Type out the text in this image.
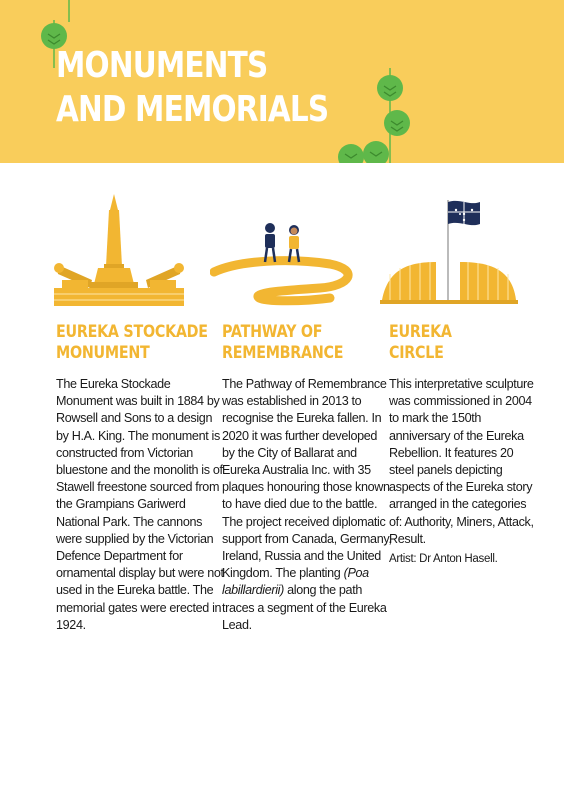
MONUMENTS
AND MEMORIALS
EUREKA STOCKADE
MONUMENT

The Eureka Stockade Monument was built in 1884 by Rowsell and Sons to a design by H.A. King. The monument is constructed from Victorian bluestone and the monolith is of Stawell freestone sourced from the Grampians Gariwerd National Park. The cannons were supplied by the Victorian Defence Department for ornamental display but were not used in the Eureka battle. The memorial gates were erected in 1924.

PATHWAY OF
REMEMBRANCE

The Pathway of Remembrance was established in 2013 to recognise the Eureka fallen. In 2020 it was further developed by the City of Ballarat and Eureka Australia Inc. with 35 plaques honouring those known to have died due to the battle. The project received diplomatic support from Canada, Germany, Ireland, Russia and the United Kingdom. The planting (Poa labillardierii) along the path traces a segment of the Eureka Lead.

EUREKA
CIRCLE

This interpretative sculpture was commissioned in 2004 to mark the 150th anniversary of the Eureka Rebellion. It features 20 steel panels depicting aspects of the Eureka story arranged in the categories of: Authority, Miners, Attack, Result.

Artist: Dr Anton Hasell.
